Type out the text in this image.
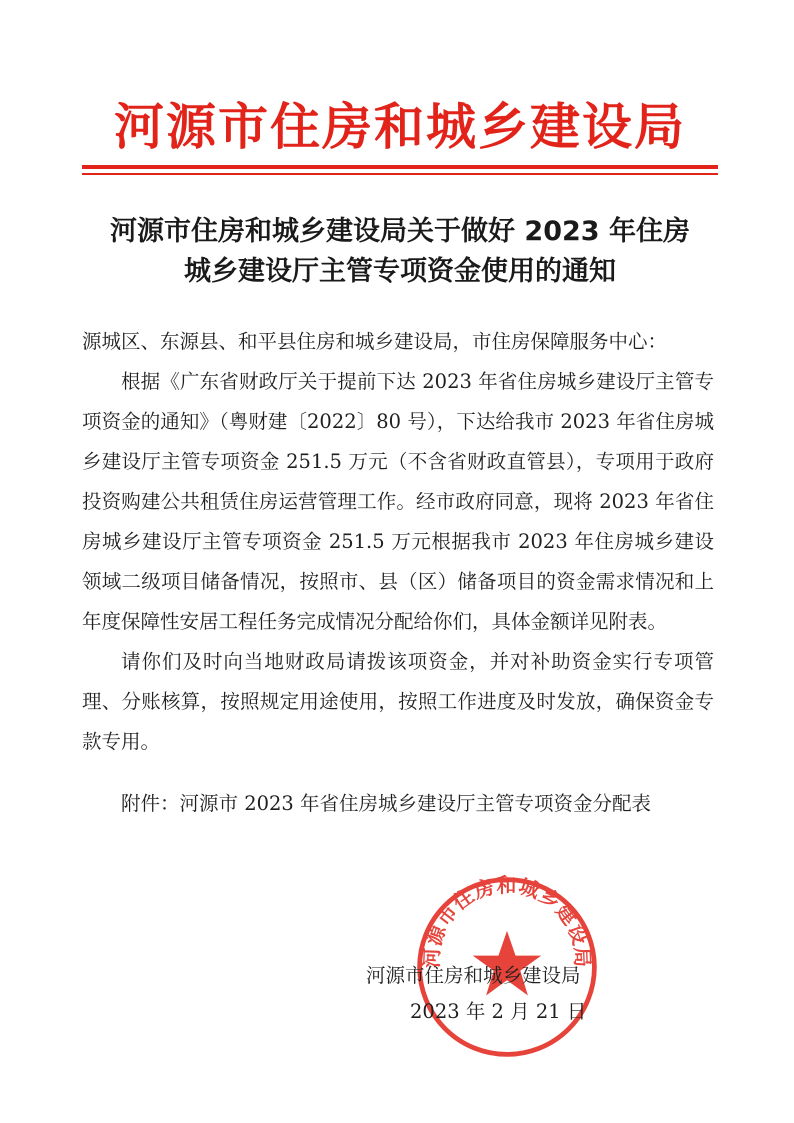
河源市住房和城乡建设局
河源市住房和城乡建设局关于做好 2023 年住房
城乡建设厅主管专项资金使用的通知

源城区、东源县、和平县住房和城乡建设局，市住房保障服务中心：

根据《广东省财政厅关于提前下达 2023 年省住房城乡建设厅主管专项资金的通知》（粤财建〔2022〕80 号），下达给我市 2023 年省住房城乡建设厅主管专项资金 251.5 万元（不含省财政直管县），专项用于政府投资购建公共租赁住房运营管理工作。经市政府同意，现将 2023 年省住房城乡建设厅主管专项资金 251.5 万元根据我市 2023 年住房城乡建设领域二级项目储备情况，按照市、县（区）储备项目的资金需求情况和上年度保障性安居工程任务完成情况分配给你们，具体金额详见附表。

请你们及时向当地财政局请拨该项资金，并对补助资金实行专项管理、分账核算，按照规定用途使用，按照工作进度及时发放，确保资金专款专用。

附件：河源市 2023 年省住房城乡建设厅主管专项资金分配表

河源市住房和城乡建设局
河源市住房和城乡建设局
2023 年 2 月 21 日
